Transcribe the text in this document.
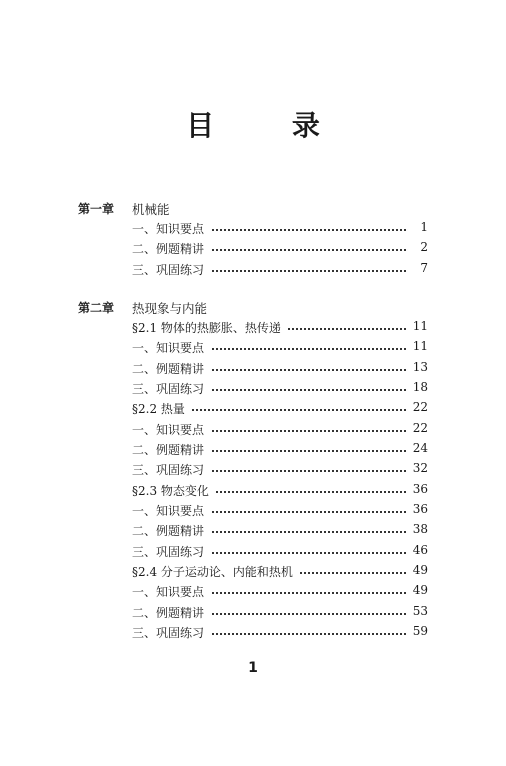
目 录
第一章 机械能
一、知识要点	1
二、例题精讲	2
三、巩固练习	7
第二章 热现象与内能
§2.1 物体的热膨胀、热传递	11
一、知识要点	11
二、例题精讲	13
三、巩固练习	18
§2.2 热量	22
一、知识要点	22
二、例题精讲	24
三、巩固练习	32
§2.3 物态变化	36
一、知识要点	36
二、例题精讲	38
三、巩固练习	46
§2.4 分子运动论、内能和热机	49
一、知识要点	49
二、例题精讲	53
三、巩固练习	59
1
